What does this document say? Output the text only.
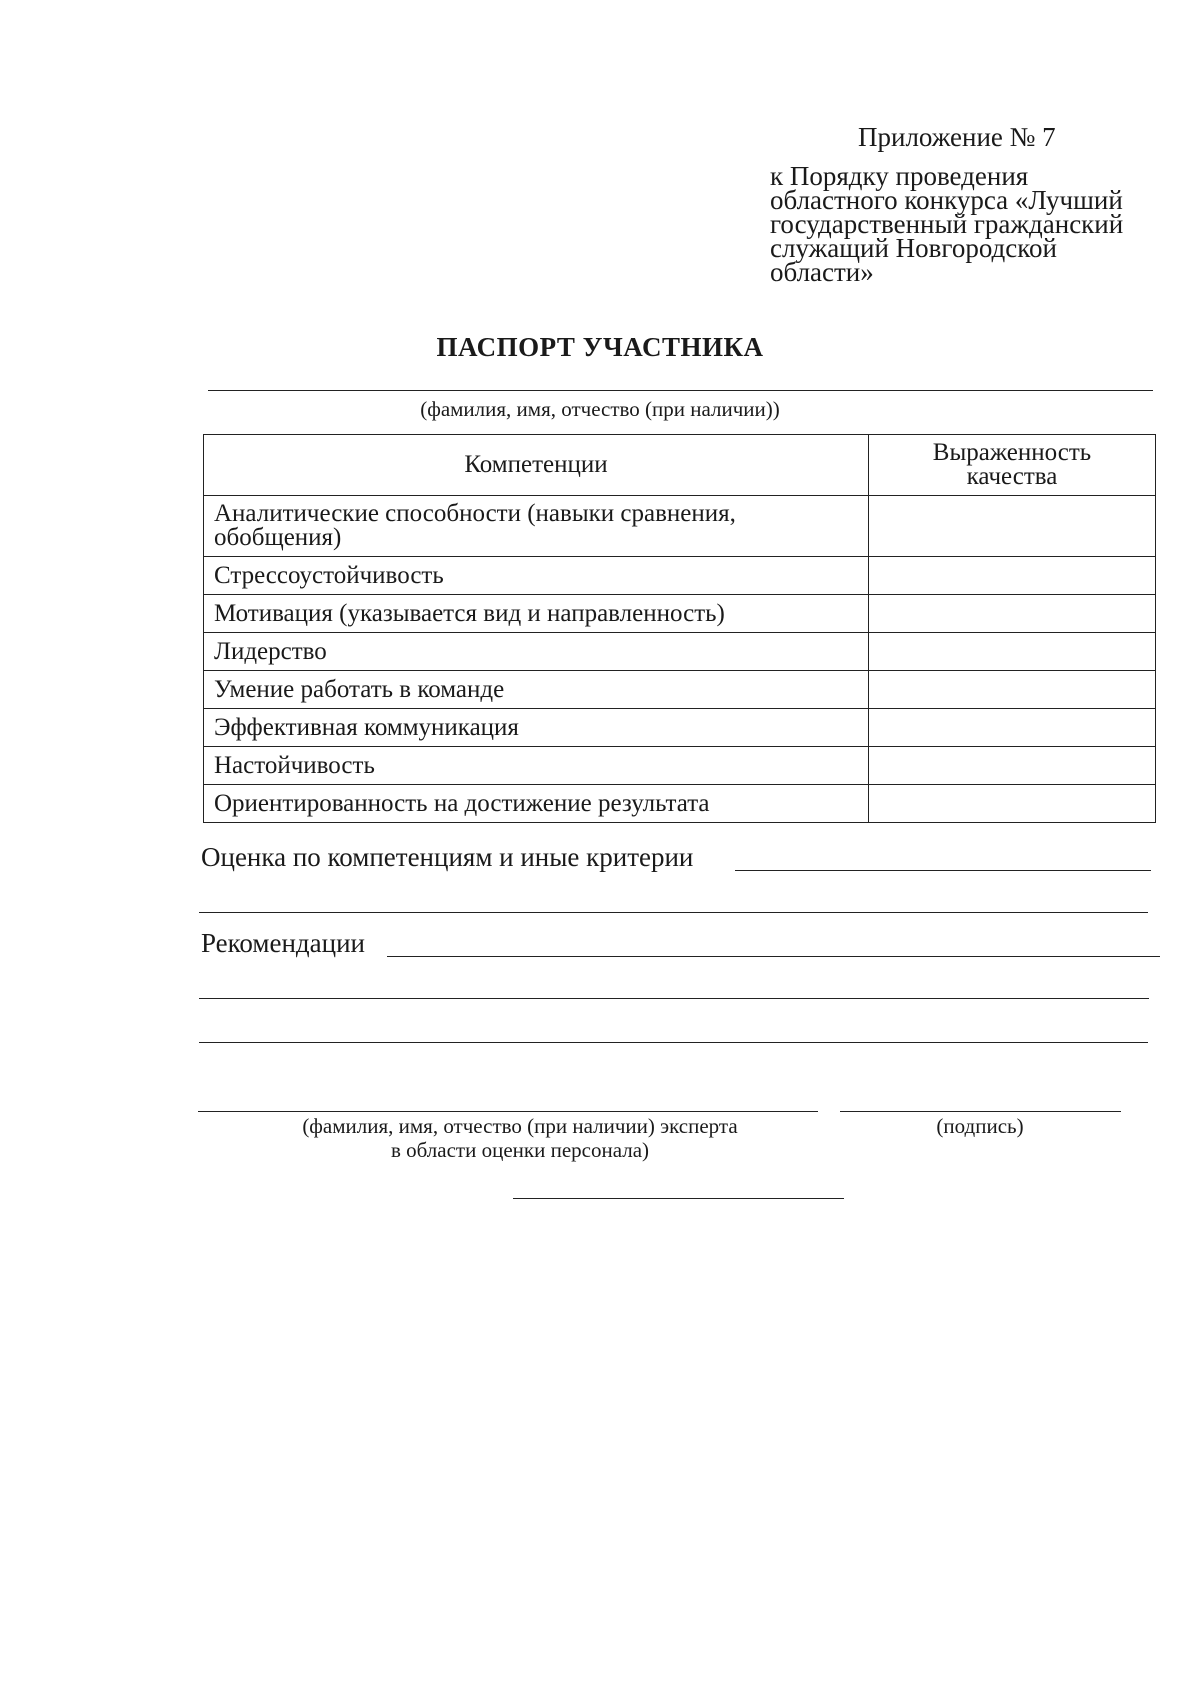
Приложение № 7
к Порядку проведения
областного конкурса «Лучший
государственный гражданский
служащий Новгородской
области»
ПАСПОРТ УЧАСТНИКА
(фамилия, имя, отчество (при наличии))
Компетенции	Выраженность качества
Аналитические способности (навыки сравнения, обобщения)	
Стрессоустойчивость	
Мотивация (указывается вид и направленность)	
Лидерство	
Умение работать в команде	
Эффективная коммуникация	
Настойчивость	
Ориентированность на достижение результата	
Оценка по компетенциям и иные критерии
Рекомендации
(фамилия, имя, отчество (при наличии) эксперта
в области оценки персонала)
(подпись)
